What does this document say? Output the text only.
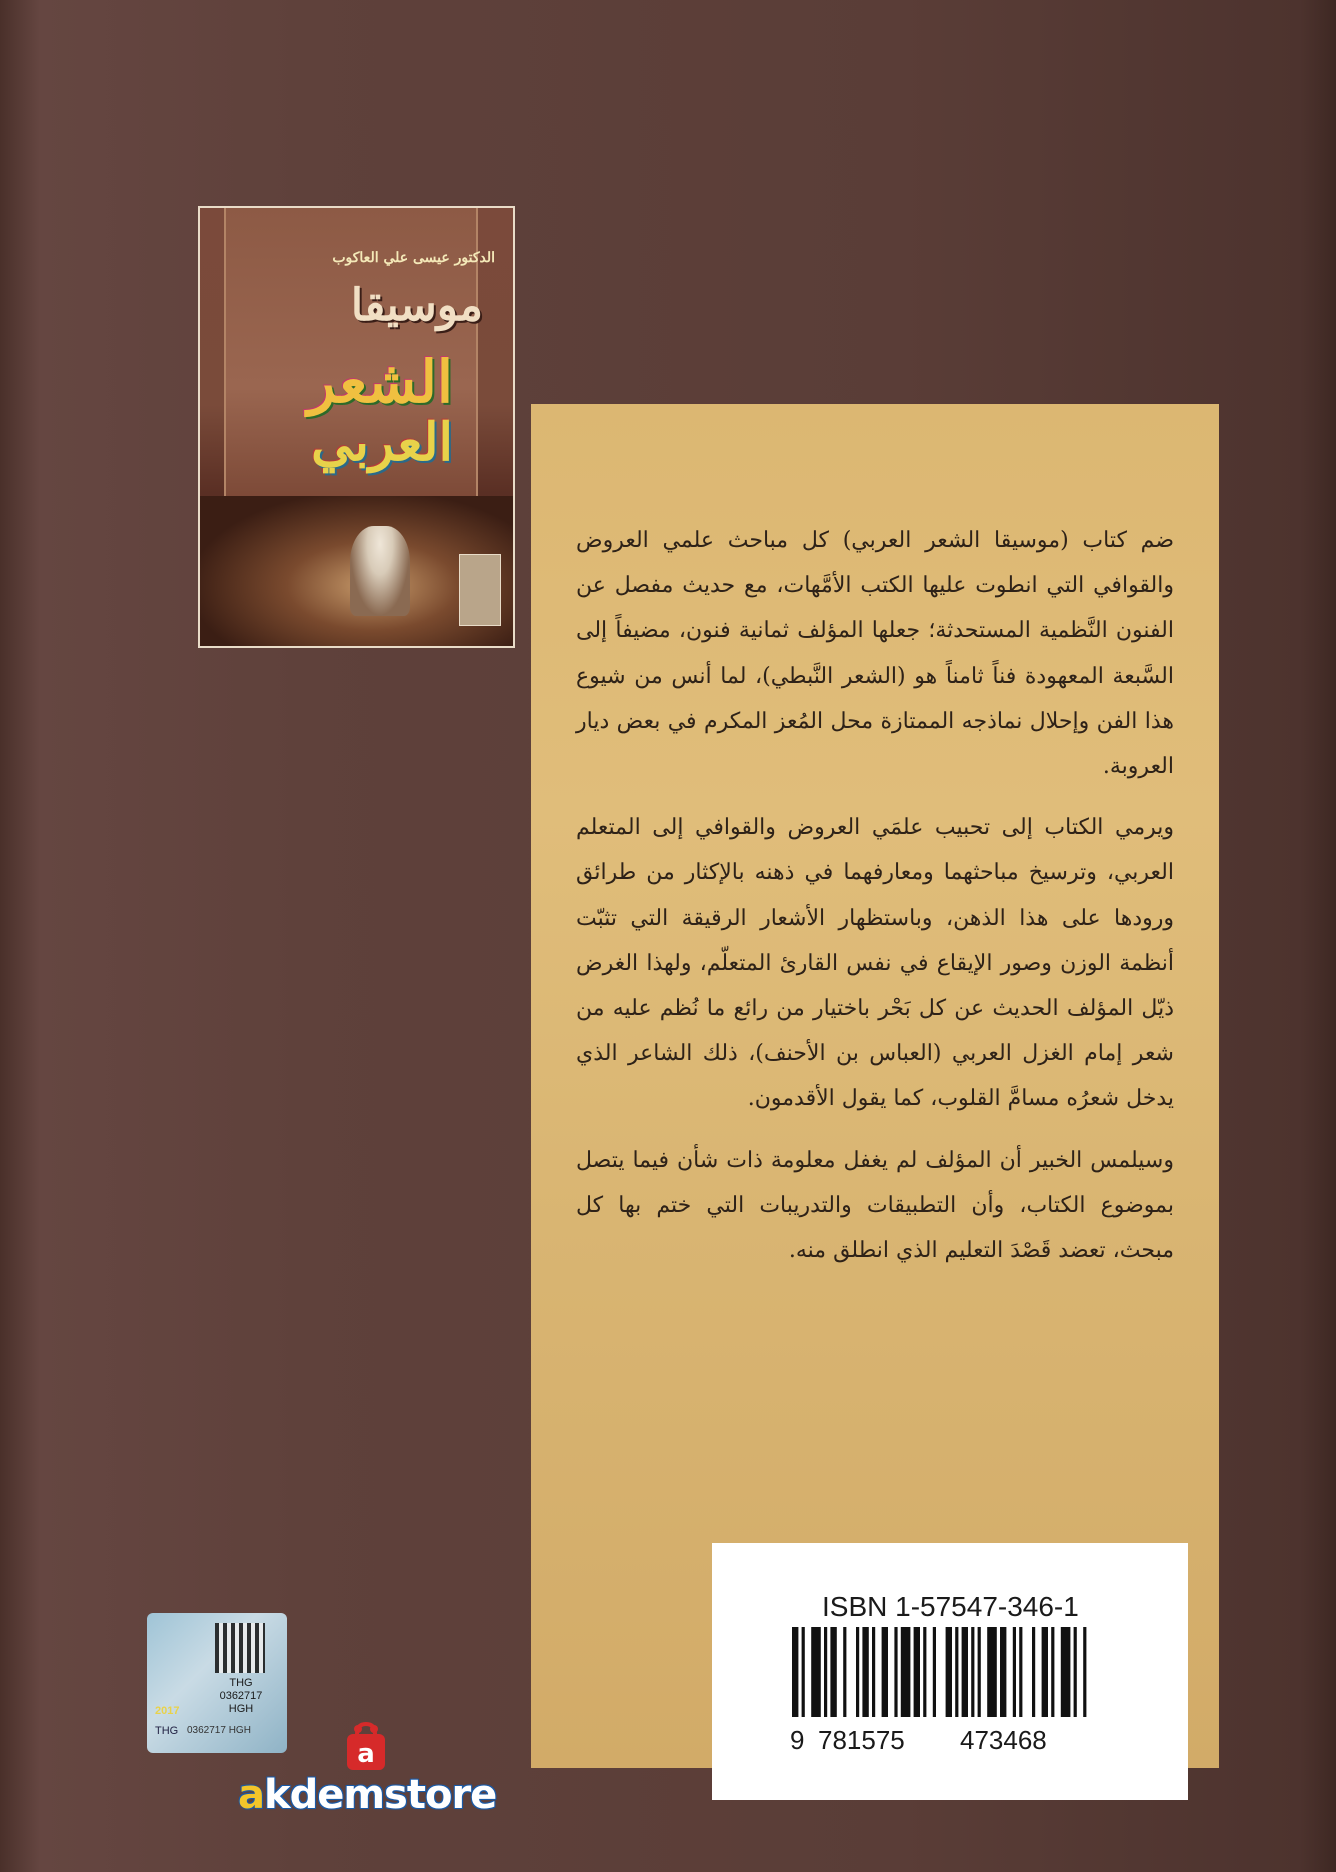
الدكتور عيسى علي العاكوب
موسيقا
الشعر
العربي

ضم كتاب (موسيقا الشعر العربي) كل مباحث علمي العروض والقوافي التي انطوت عليها الكتب الأمَّهات، مع حديث مفصل عن الفنون النَّظمية المستحدثة؛ جعلها المؤلف ثمانية فنون، مضيفاً إلى السَّبعة المعهودة فناً ثامناً هو (الشعر النَّبطي)، لما أنس من شيوع هذا الفن وإحلال نماذجه الممتازة محل المُعز المكرم في بعض ديار العروبة.

ويرمي الكتاب إلى تحبيب علمَي العروض والقوافي إلى المتعلم العربي، وترسيخ مباحثهما ومعارفهما في ذهنه بالإكثار من طرائق ورودها على هذا الذهن، وباستظهار الأشعار الرقيقة التي تثبّت أنظمة الوزن وصور الإيقاع في نفس القارئ المتعلّم، ولهذا الغرض ذيّل المؤلف الحديث عن كل بَحْر باختيار من رائع ما نُظم عليه من شعر إمام الغزل العربي (العباس بن الأحنف)، ذلك الشاعر الذي يدخل شعرُه مسامَّ القلوب، كما يقول الأقدمون.

وسيلمس الخبير أن المؤلف لم يغفل معلومة ذات شأن فيما يتصل بموضوع الكتاب، وأن التطبيقات والتدريبات التي ختم بها كل مبحث، تعضد قَصْدَ التعليم الذي انطلق منه.

ISBN 1-57547-346-1
9 781575 473468
THG
0362717
HGH
2017
THG 0362717 HGH
a
akdemstore
